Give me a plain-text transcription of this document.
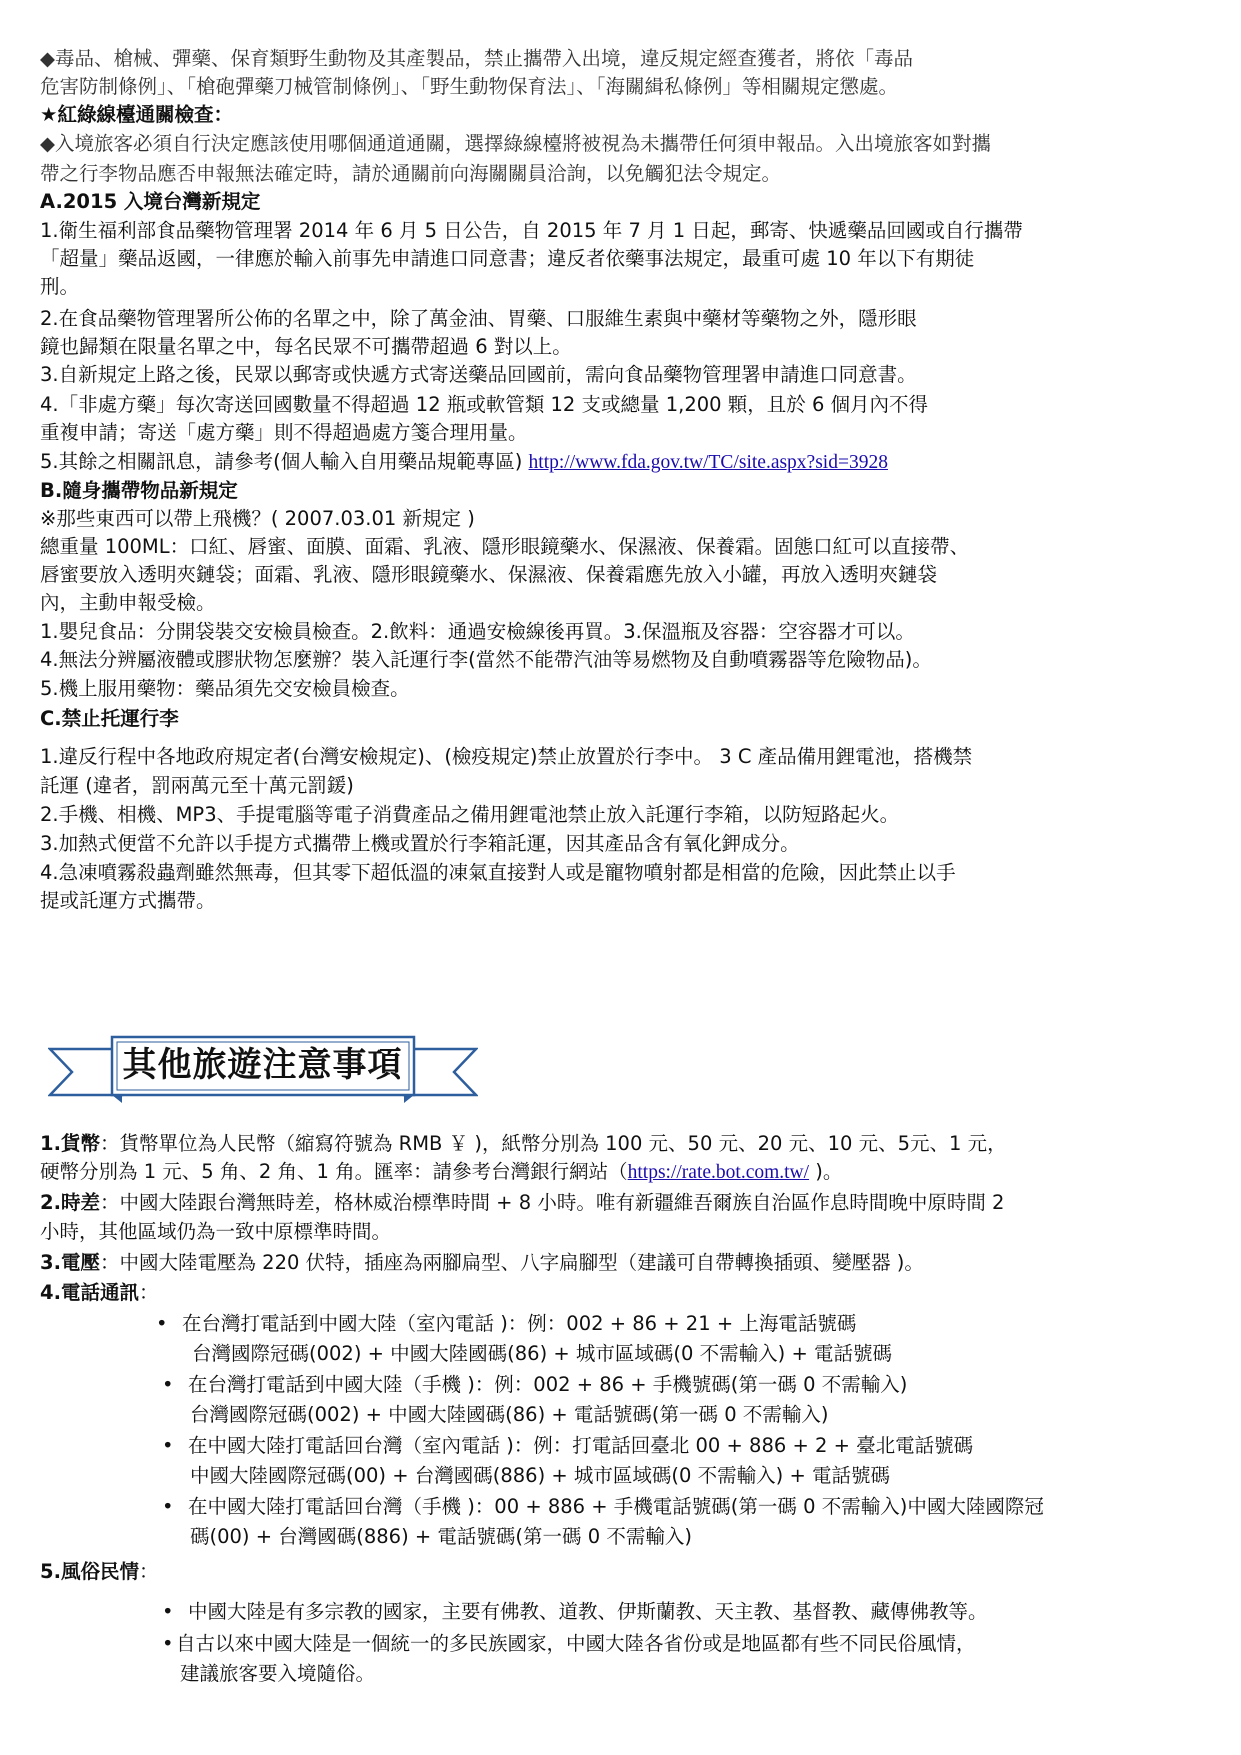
◆毒品、槍械、彈藥、保育類野生動物及其產製品，禁止攜帶入出境，違反規定經查獲者，將依「毒品
危害防制條例」、「槍砲彈藥刀械管制條例」、「野生動物保育法」、「海關緝私條例」等相關規定懲處。
★紅綠線檯通關檢查：
◆入境旅客必須自行決定應該使用哪個通道通關，選擇綠線檯將被視為未攜帶任何須申報品。入出境旅客如對攜
帶之行李物品應否申報無法確定時，請於通關前向海關關員洽詢，以免觸犯法令規定。
A.2015 入境台灣新規定
1.衛生福利部食品藥物管理署 2014 年 6 月 5 日公告，自 2015 年 7 月 1 日起，郵寄、快遞藥品回國或自行攜帶
「超量」藥品返國，一律應於輸入前事先申請進口同意書；違反者依藥事法規定，最重可處 10 年以下有期徒
刑。
2.在食品藥物管理署所公佈的名單之中，除了萬金油、胃藥、口服維生素與中藥材等藥物之外，隱形眼
鏡也歸類在限量名單之中，每名民眾不可攜帶超過 6 對以上。
3.自新規定上路之後，民眾以郵寄或快遞方式寄送藥品回國前，需向食品藥物管理署申請進口同意書。
4.「非處方藥」每次寄送回國數量不得超過 12 瓶或軟管類 12 支或總量 1,200 顆，且於 6 個月內不得
重複申請；寄送「處方藥」則不得超過處方箋合理用量。
5.其餘之相關訊息，請參考(個人輸入自用藥品規範專區) http://www.fda.gov.tw/TC/site.aspx?sid=3928
B.隨身攜帶物品新規定
※那些東西可以帶上飛機？( 2007.03.01 新規定 )
總重量 100ML：口紅、唇蜜、面膜、面霜、乳液、隱形眼鏡藥水、保濕液、保養霜。固態口紅可以直接帶、
唇蜜要放入透明夾鏈袋；面霜、乳液、隱形眼鏡藥水、保濕液、保養霜應先放入小罐，再放入透明夾鏈袋
內，主動申報受檢。
1.嬰兒食品：分開袋裝交安檢員檢查。2.飲料：通過安檢線後再買。3.保溫瓶及容器：空容器才可以。
4.無法分辨屬液體或膠狀物怎麼辦？裝入託運行李(當然不能帶汽油等易燃物及自動噴霧器等危險物品)。
5.機上服用藥物：藥品須先交安檢員檢查。
C.禁止托運行李
1.違反行程中各地政府規定者(台灣安檢規定)、(檢疫規定)禁止放置於行李中。 3 C 產品備用鋰電池，搭機禁
託運 (違者，罰兩萬元至十萬元罰鍰)
2.手機、相機、MP3、手提電腦等電子消費產品之備用鋰電池禁止放入託運行李箱，以防短路起火。
3.加熱式便當不允許以手提方式攜帶上機或置於行李箱託運，因其產品含有氧化鉀成分。
4.急凍噴霧殺蟲劑雖然無毒，但其零下超低溫的凍氣直接對人或是寵物噴射都是相當的危險，因此禁止以手
提或託運方式攜帶。
其他旅遊注意事項
1.貨幣：貨幣單位為人民幣（縮寫符號為 RMB ￥ )，紙幣分別為 100 元、50 元、20 元、10 元、5元、1 元，
硬幣分別為 1 元、5 角、2 角、1 角。匯率：請參考台灣銀行網站（https://rate.bot.com.tw/ )。
2.時差：中國大陸跟台灣無時差，格林威治標準時間 + 8 小時。唯有新疆維吾爾族自治區作息時間晚中原時間 2
小時，其他區域仍為一致中原標準時間。
3.電壓：中國大陸電壓為 220 伏特，插座為兩腳扁型、八字扁腳型（建議可自帶轉換插頭、變壓器 )。
4.電話通訊：
• 在台灣打電話到中國大陸（室內電話 )：例：002 + 86 + 21 + 上海電話號碼
台灣國際冠碼(002) + 中國大陸國碼(86) + 城市區域碼(0 不需輸入) + 電話號碼
• 在台灣打電話到中國大陸（手機 )：例：002 + 86 + 手機號碼(第一碼 0 不需輸入)
台灣國際冠碼(002) + 中國大陸國碼(86) + 電話號碼(第一碼 0 不需輸入)
• 在中國大陸打電話回台灣（室內電話 )：例：打電話回臺北 00 + 886 + 2 + 臺北電話號碼
中國大陸國際冠碼(00) + 台灣國碼(886) + 城市區域碼(0 不需輸入) + 電話號碼
• 在中國大陸打電話回台灣（手機 )：00 + 886 + 手機電話號碼(第一碼 0 不需輸入)中國大陸國際冠
碼(00) + 台灣國碼(886) + 電話號碼(第一碼 0 不需輸入)
5.風俗民情：
• 中國大陸是有多宗教的國家，主要有佛教、道教、伊斯蘭教、天主教、基督教、藏傳佛教等。
• 自古以來中國大陸是一個統一的多民族國家，中國大陸各省份或是地區都有些不同民俗風情，
建議旅客要入境隨俗。
